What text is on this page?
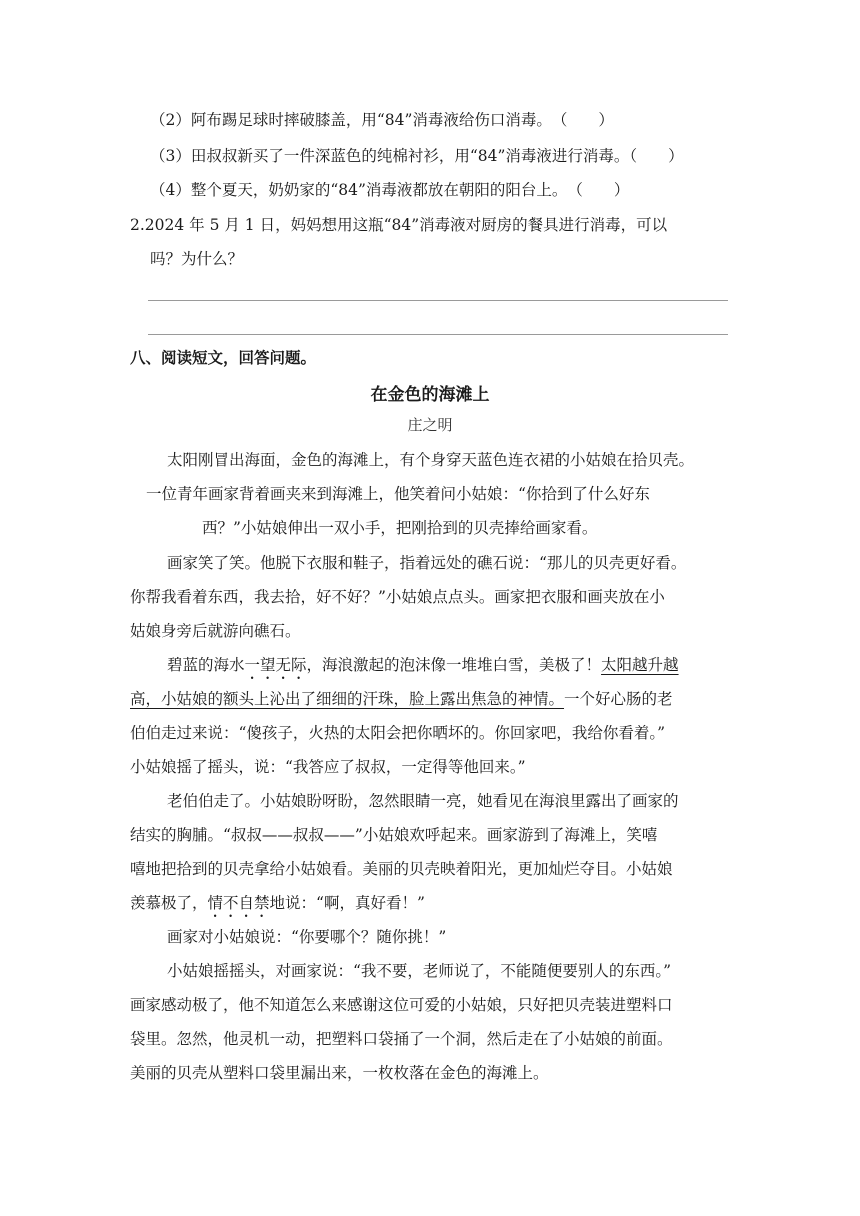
（2）阿布踢足球时摔破膝盖，用“84”消毒液给伤口消毒。　（　　）
（3）田叔叔新买了一件深蓝色的纯棉衬衫，用“84”消毒液进行消毒。（　　）
（4）整个夏天，奶奶家的“84”消毒液都放在朝阳的阳台上。　（　　）
2.2024 年 5 月 1 日，妈妈想用这瓶“84”消毒液对厨房的餐具进行消毒，可以
吗？为什么？
八、阅读短文，回答问题。
在金色的海滩上
庄之明
太阳刚冒出海面，金色的海滩上，有个身穿天蓝色连衣裙的小姑娘在拾贝壳。
一位青年画家背着画夹来到海滩上，他笑着问小姑娘：“你拾到了什么好东
西？”小姑娘伸出一双小手，把刚拾到的贝壳捧给画家看。
画家笑了笑。他脱下衣服和鞋子，指着远处的礁石说：“那儿的贝壳更好看。
你帮我看着东西，我去拾，好不好？”小姑娘点点头。画家把衣服和画夹放在小
姑娘身旁后就游向礁石。
碧蓝的海水一望无际，海浪激起的泡沫像一堆堆白雪，美极了！太阳越升越
高，小姑娘的额头上沁出了细细的汗珠，脸上露出焦急的神情。一个好心肠的老
伯伯走过来说：“傻孩子，火热的太阳会把你晒坏的。你回家吧，我给你看着。”
小姑娘摇了摇头，说：“我答应了叔叔，一定得等他回来。”
老伯伯走了。小姑娘盼呀盼，忽然眼睛一亮，她看见在海浪里露出了画家的
结实的胸脯。“叔叔——叔叔——”小姑娘欢呼起来。画家游到了海滩上，笑嘻
嘻地把拾到的贝壳拿给小姑娘看。美丽的贝壳映着阳光，更加灿烂夺目。小姑娘
羡慕极了，情不自禁地说：“啊，真好看！”
画家对小姑娘说：“你要哪个？随你挑！”
小姑娘摇摇头，对画家说：“我不要，老师说了，不能随便要别人的东西。”
画家感动极了，他不知道怎么来感谢这位可爱的小姑娘，只好把贝壳装进塑料口
袋里。忽然，他灵机一动，把塑料口袋捅了一个洞，然后走在了小姑娘的前面。
美丽的贝壳从塑料口袋里漏出来，一枚枚落在金色的海滩上。
